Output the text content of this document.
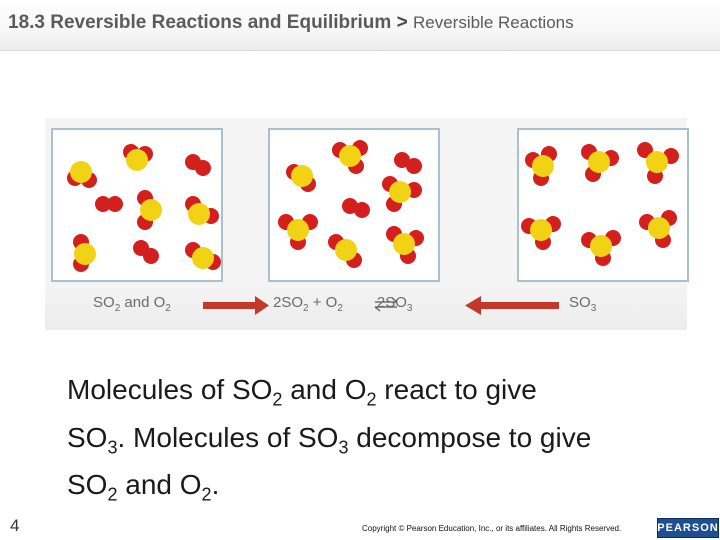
18.3 Reversible Reactions and Equilibrium > Reversible Reactions
$SO_2$ and $O_2$	$2SO_2 + O_2$ $2SO_3$	$SO_3$
Molecules of $SO_2$ and $O_2$ react to give
$SO_3$. Molecules of $SO_3$ decompose to give
$SO_2$ and $O_2$.
4	Copyright © Pearson Education, Inc., or its affiliates. All Rights Reserved.	PEARSON
